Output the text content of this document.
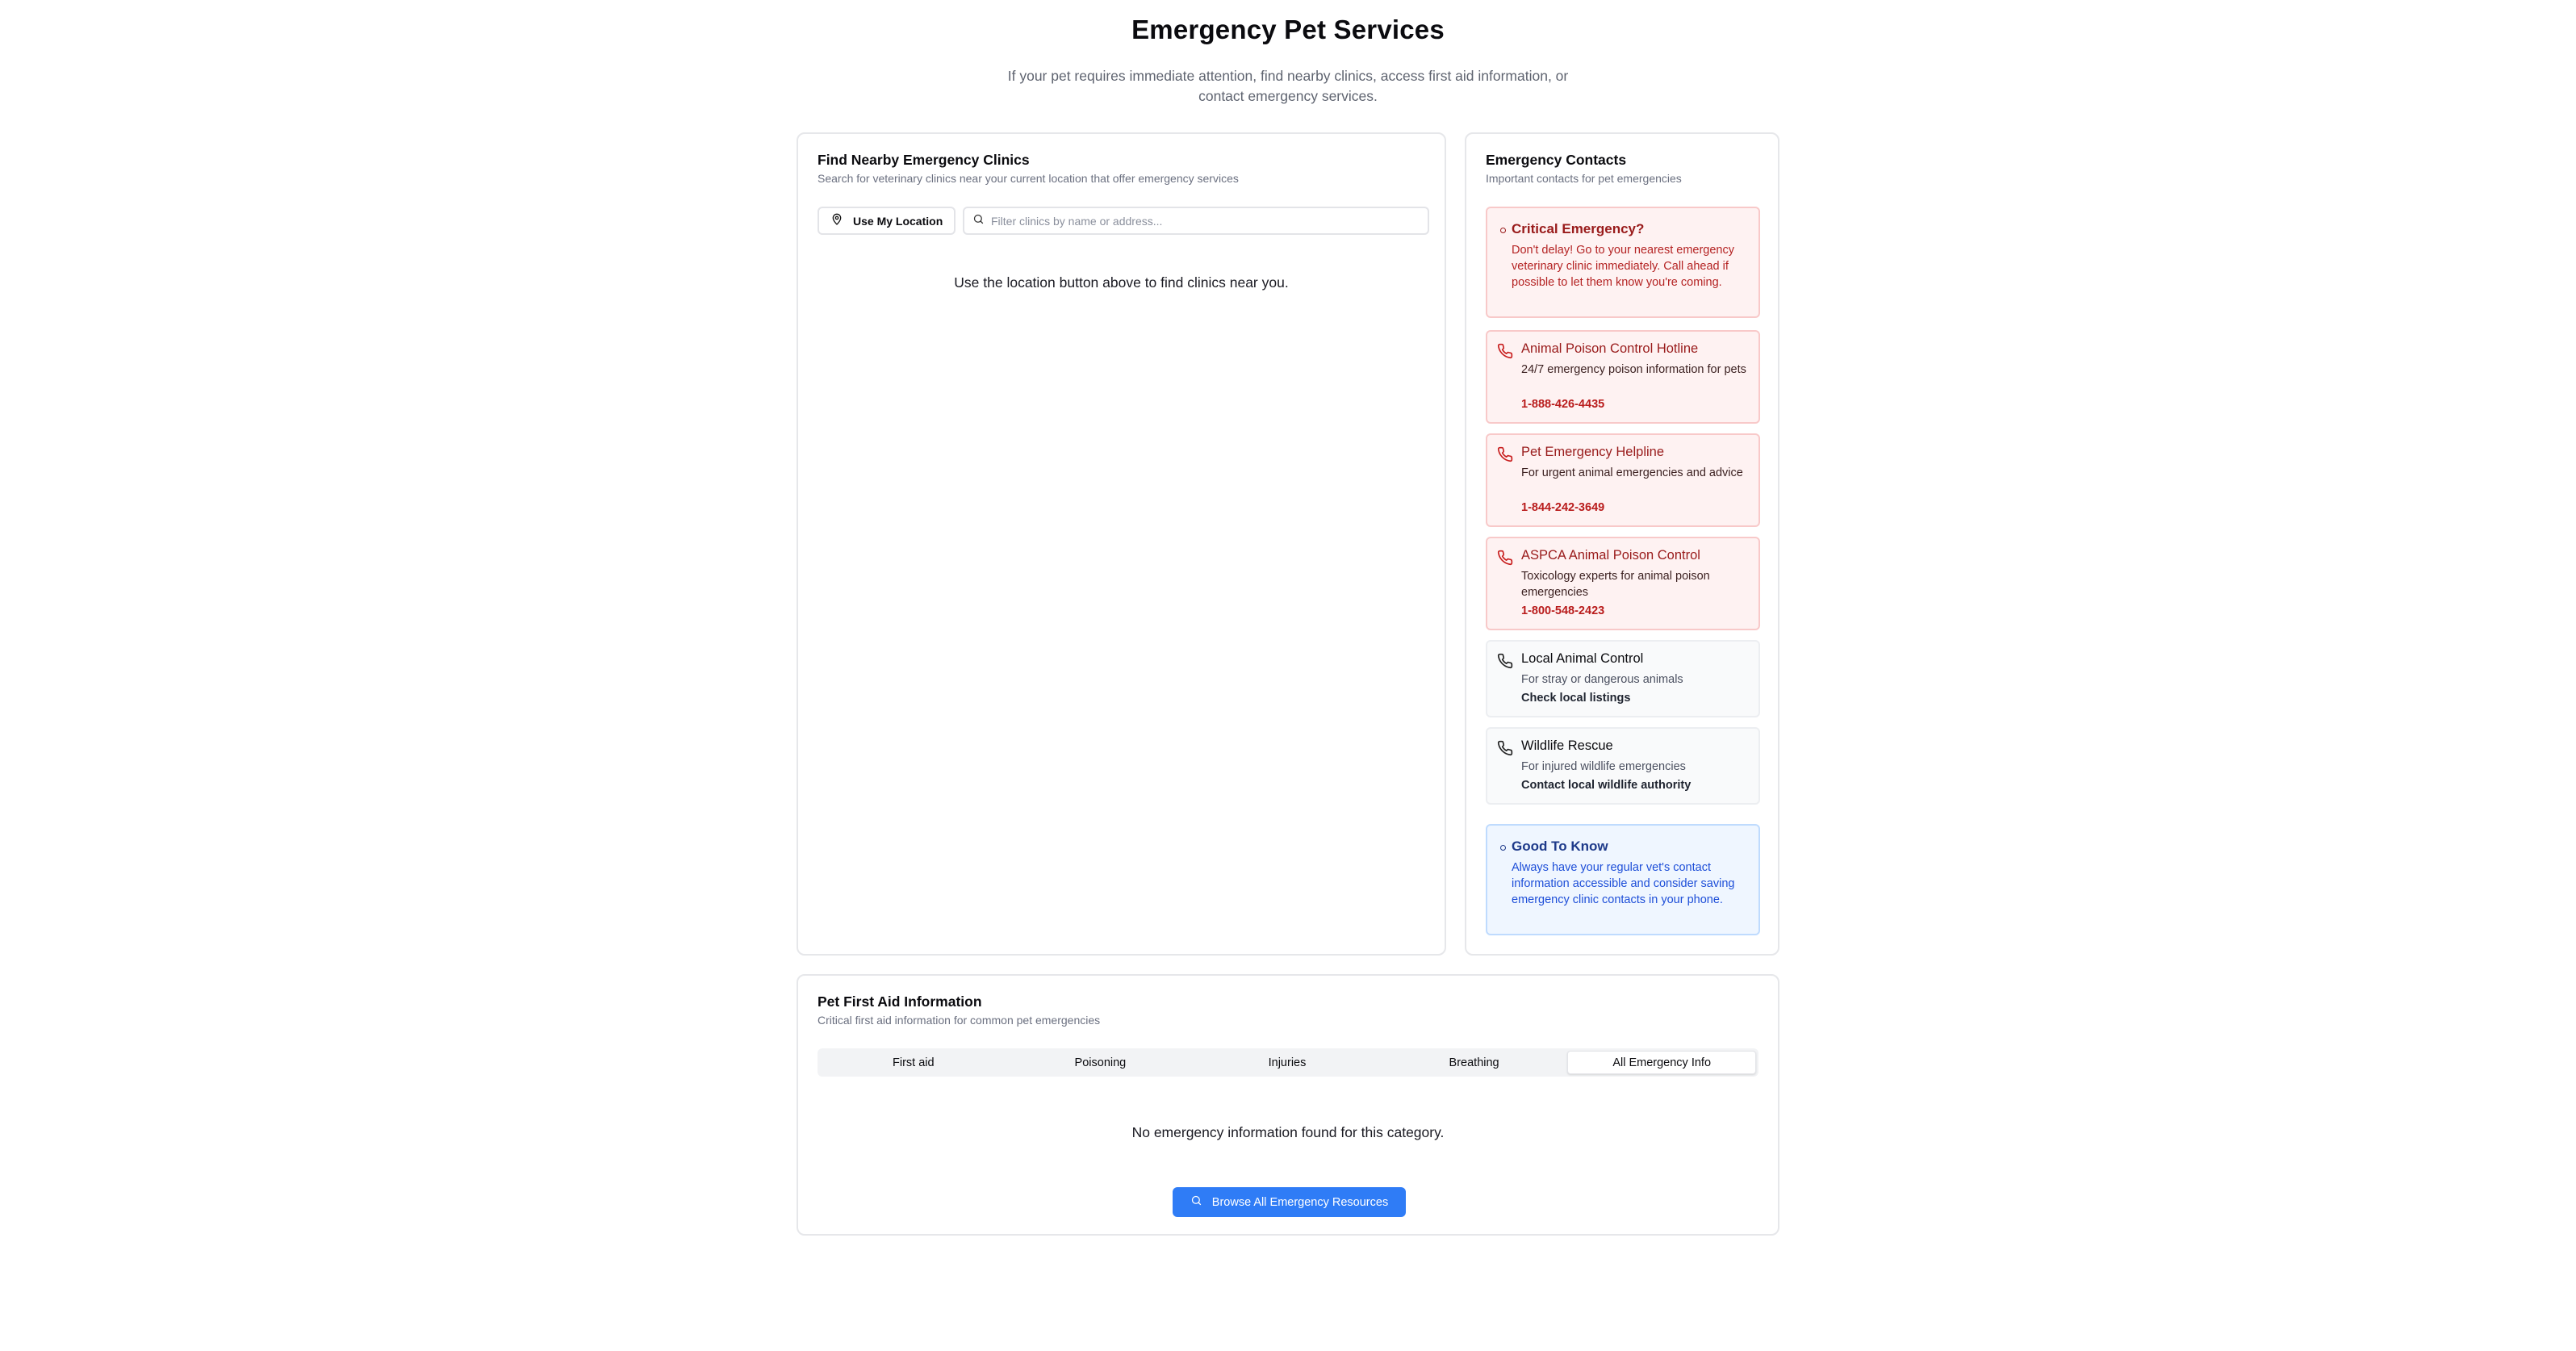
Emergency Pet Services
If your pet requires immediate attention, find nearby clinics, access first aid information, or contact emergency services.
Find Nearby Emergency Clinics
Search for veterinary clinics near your current location that offer emergency services
Use My Location
Filter clinics by name or address...
Use the location button above to find clinics near you.
Emergency Contacts
Important contacts for pet emergencies
Critical Emergency?
Don't delay! Go to your nearest emergency veterinary clinic immediately. Call ahead if possible to let them know you're coming.
Animal Poison Control Hotline
24/7 emergency poison information for pets
1-888-426-4435
Pet Emergency Helpline
For urgent animal emergencies and advice
1-844-242-3649
ASPCA Animal Poison Control
Toxicology experts for animal poison emergencies
1-800-548-2423
Local Animal Control
For stray or dangerous animals
Check local listings
Wildlife Rescue
For injured wildlife emergencies
Contact local wildlife authority
Good To Know
Always have your regular vet's contact information accessible and consider saving emergency clinic contacts in your phone.
Pet First Aid Information
Critical first aid information for common pet emergencies
First aid	Poisoning	Injuries	Breathing	All Emergency Info
No emergency information found for this category.
Browse All Emergency Resources
